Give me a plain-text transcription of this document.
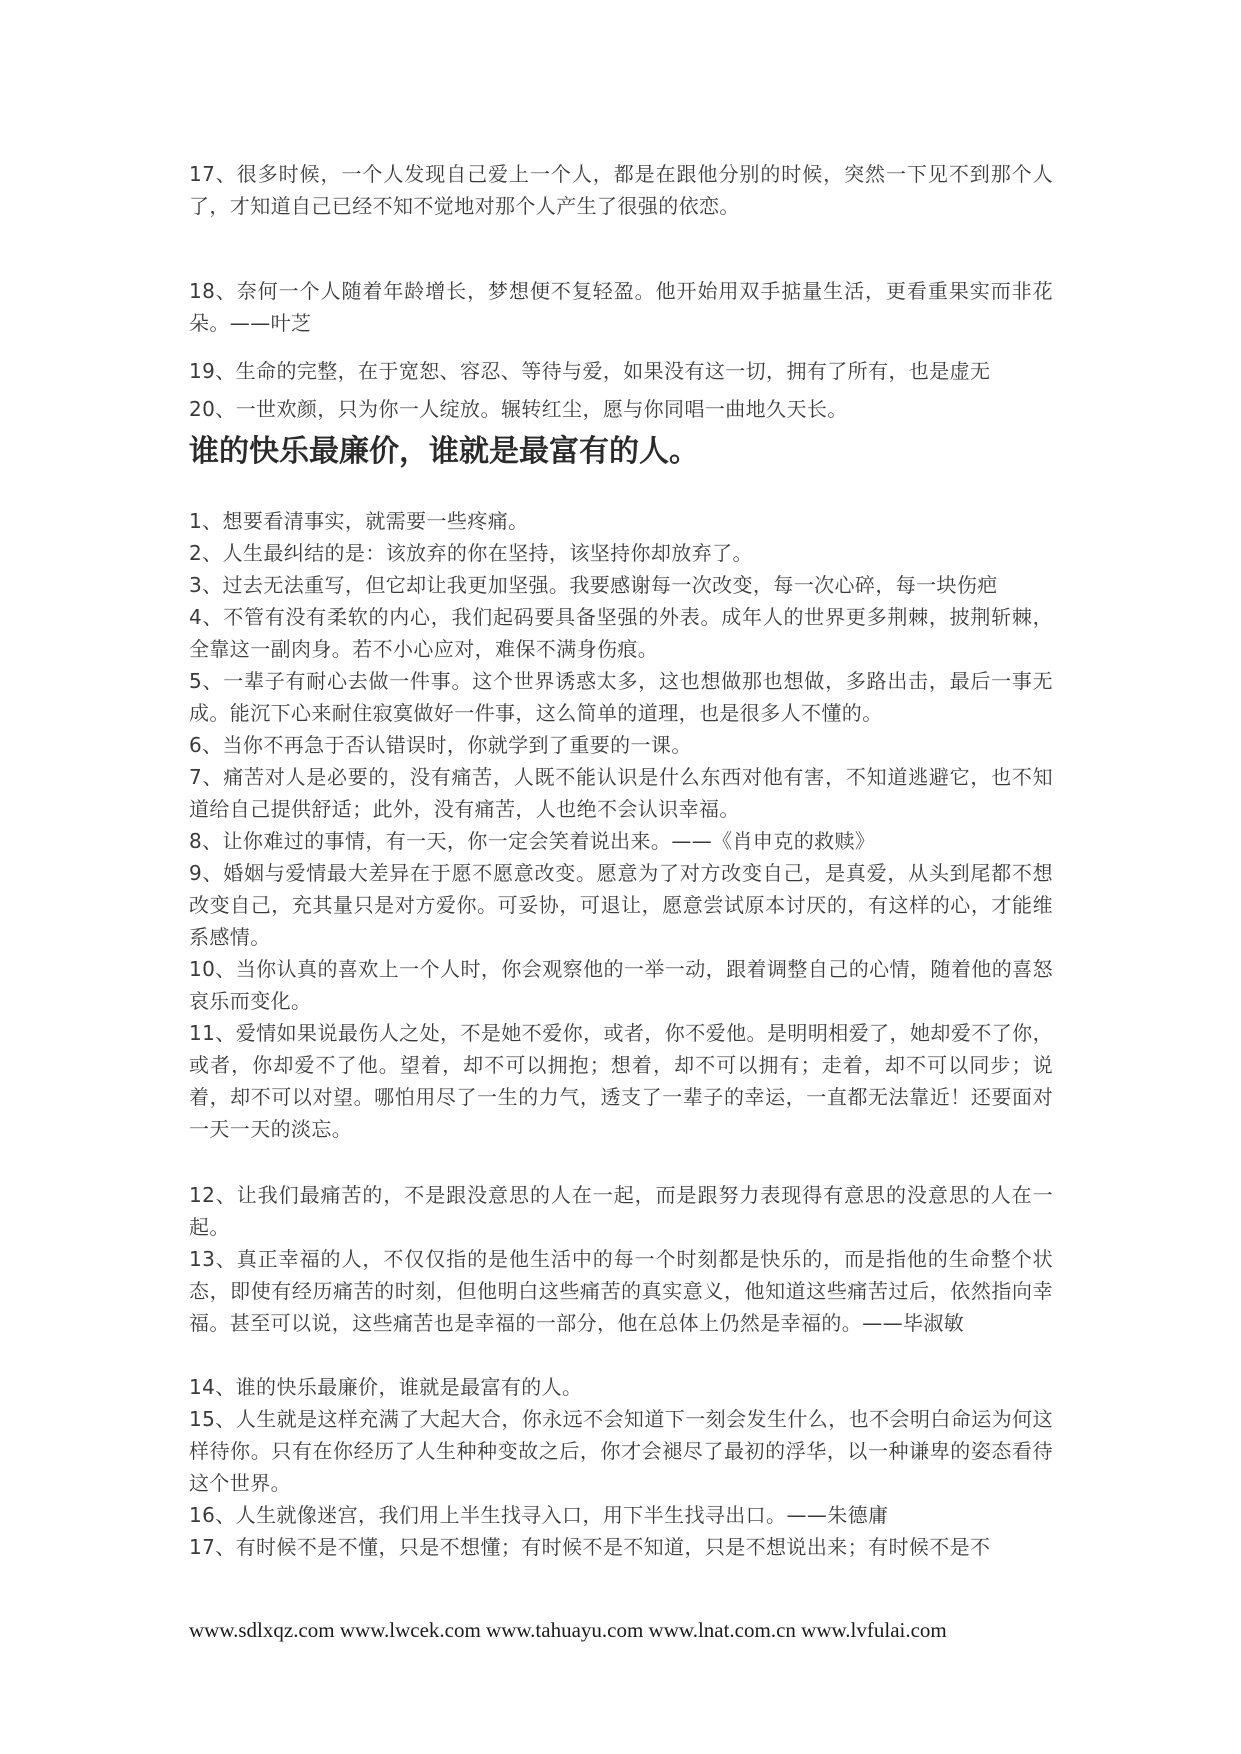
17、很多时候，一个人发现自己爱上一个人，都是在跟他分别的时候，突然一下见不到那个人了，才知道自己已经不知不觉地对那个人产生了很强的依恋。

18、奈何一个人随着年龄增长，梦想便不复轻盈。他开始用双手掂量生活，更看重果实而非花朵。——叶芝

19、生命的完整，在于宽恕、容忍、等待与爱，如果没有这一切，拥有了所有，也是虚无

20、一世欢颜，只为你一人绽放。辗转红尘，愿与你同唱一曲地久天长。

谁的快乐最廉价，谁就是最富有的人。

1、想要看清事实，就需要一些疼痛。

2、人生最纠结的是：该放弃的你在坚持，该坚持你却放弃了。

3、过去无法重写，但它却让我更加坚强。我要感谢每一次改变，每一次心碎，每一块伤疤

4、不管有没有柔软的内心，我们起码要具备坚强的外表。成年人的世界更多荆棘，披荆斩棘，全靠这一副肉身。若不小心应对，难保不满身伤痕。

5、一辈子有耐心去做一件事。这个世界诱惑太多，这也想做那也想做，多路出击，最后一事无成。能沉下心来耐住寂寞做好一件事，这么简单的道理，也是很多人不懂的。

6、当你不再急于否认错误时，你就学到了重要的一课。

7、痛苦对人是必要的，没有痛苦，人既不能认识是什么东西对他有害，不知道逃避它，也不知道给自己提供舒适；此外，没有痛苦，人也绝不会认识幸福。

8、让你难过的事情，有一天，你一定会笑着说出来。——《肖申克的救赎》

9、婚姻与爱情最大差异在于愿不愿意改变。愿意为了对方改变自己，是真爱，从头到尾都不想改变自己，充其量只是对方爱你。可妥协，可退让，愿意尝试原本讨厌的，有这样的心，才能维系感情。

10、当你认真的喜欢上一个人时，你会观察他的一举一动，跟着调整自己的心情，随着他的喜怒哀乐而变化。

11、爱情如果说最伤人之处，不是她不爱你，或者，你不爱他。是明明相爱了，她却爱不了你，或者，你却爱不了他。望着，却不可以拥抱；想着，却不可以拥有；走着，却不可以同步；说着，却不可以对望。哪怕用尽了一生的力气，透支了一辈子的幸运，一直都无法靠近！还要面对一天一天的淡忘。

12、让我们最痛苦的，不是跟没意思的人在一起，而是跟努力表现得有意思的没意思的人在一起。

13、真正幸福的人，不仅仅指的是他生活中的每一个时刻都是快乐的，而是指他的生命整个状态，即使有经历痛苦的时刻，但他明白这些痛苦的真实意义，他知道这些痛苦过后，依然指向幸福。甚至可以说，这些痛苦也是幸福的一部分，他在总体上仍然是幸福的。——毕淑敏

14、谁的快乐最廉价，谁就是最富有的人。

15、人生就是这样充满了大起大合，你永远不会知道下一刻会发生什么，也不会明白命运为何这样待你。只有在你经历了人生种种变故之后，你才会褪尽了最初的浮华，以一种谦卑的姿态看待这个世界。

16、人生就像迷宫，我们用上半生找寻入口，用下半生找寻出口。——朱德庸

17、有时候不是不懂，只是不想懂；有时候不是不知道，只是不想说出来；有时候不是不

www.sdlxqz.com www.lwcek.com www.tahuayu.com www.lnat.com.cn www.lvfulai.com
